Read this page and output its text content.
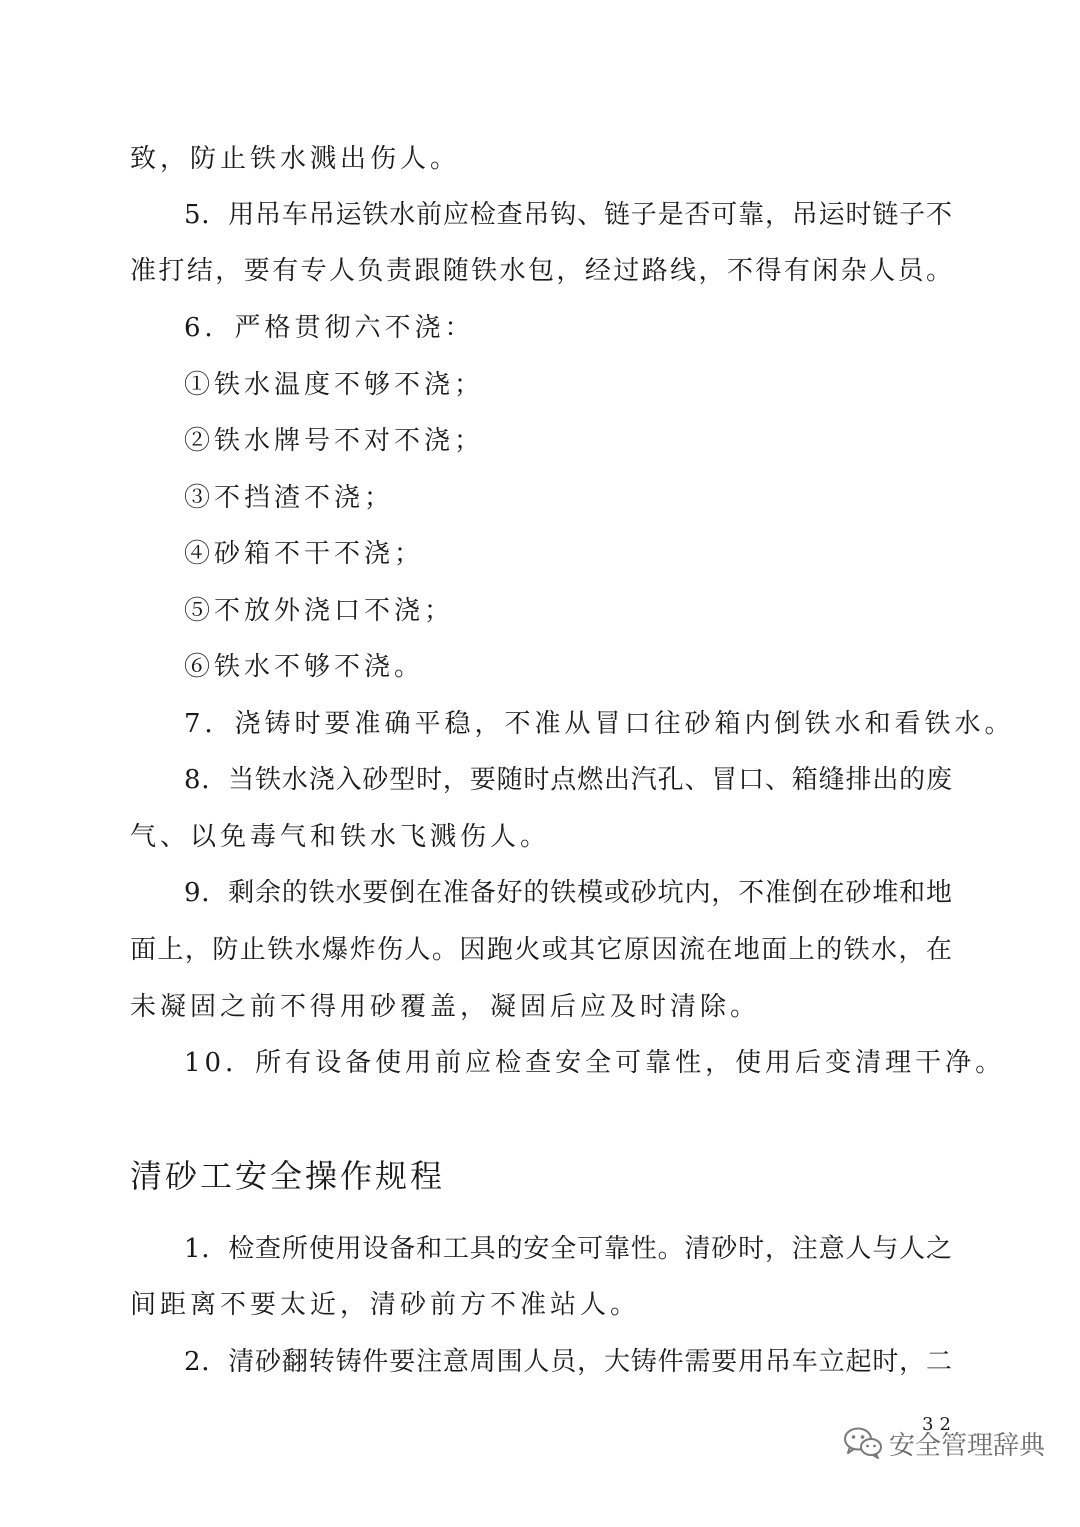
致，防止铁水溅出伤人。
5．用吊车吊运铁水前应检查吊钩、链子是否可靠，吊运时链子不
准打结，要有专人负责跟随铁水包，经过路线，不得有闲杂人员。
6．严格贯彻六不浇：
①铁水温度不够不浇；
②铁水牌号不对不浇；
③不挡渣不浇；
④砂箱不干不浇；
⑤不放外浇口不浇；
⑥铁水不够不浇。
7．浇铸时要准确平稳，不准从冒口往砂箱内倒铁水和看铁水。
8．当铁水浇入砂型时，要随时点燃出汽孔、冒口、箱缝排出的废
气、以免毒气和铁水飞溅伤人。
9．剩余的铁水要倒在准备好的铁模或砂坑内，不准倒在砂堆和地
面上，防止铁水爆炸伤人。因跑火或其它原因流在地面上的铁水，在
未凝固之前不得用砂覆盖，凝固后应及时清除。
10．所有设备使用前应检查安全可靠性，使用后变清理干净。
清砂工安全操作规程
1．检查所使用设备和工具的安全可靠性。清砂时，注意人与人之
间距离不要太近，清砂前方不准站人。
2．清砂翻转铸件要注意周围人员，大铸件需要用吊车立起时，二
32
安全管理辞典
